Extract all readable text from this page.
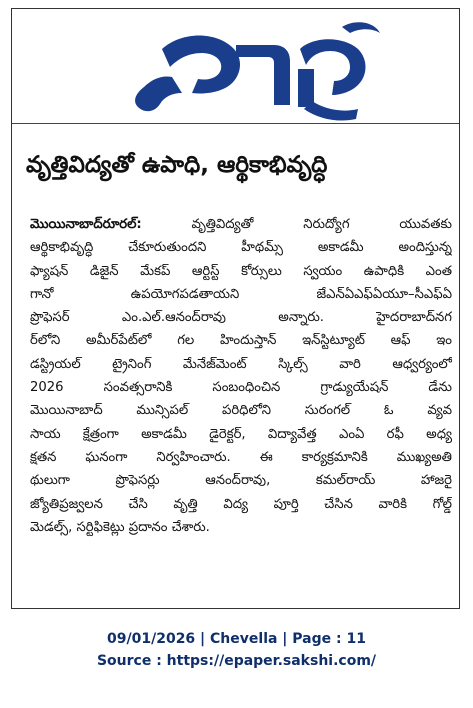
వృత్తివిద్యతో ఉపాధి, ఆర్థికాభివృద్ధి
మొయినాబాద్‌రూరల్‌:	వృత్తివిద్యతో నిరుద్యోగ యువతకు
ఆర్థికాభివృద్ధి చేకూరుతుందని హీథమ్స్‌ అకాడమీ అందిస్తున్న
ఫ్యాషన్‌ డిజైన్‌ మేకప్‌ ఆర్టిస్ట్‌ కోర్సులు స్వయం ఉపాధికి ఎంత
గానో ఉపయోగపడతాయని జేఎన్‌ఏఎఫ్‌ఏయూ–సీఎఫ్‌ఏ
ప్రొఫెసర్‌ ఎం.ఎల్‌.ఆనంద్‌రావు అన్నారు. హైదరాబాద్‌నగ
ర్‌లోని అమీర్‌పేట్‌లో గల హిందుస్తాన్‌ ఇన్‌స్టిట్యూట్‌ ఆఫ్‌ ఇం
డస్ట్రియల్‌ ట్రైనింగ్‌ మేనేజ్‌మెంట్‌ స్కిల్స్‌ వారి ఆధ్వర్యంలో
2026 సంవత్సరానికి సంబంధించిన గ్రాడ్యుయేషన్‌ డేను
మొయినాబాద్‌ మున్సిపల్‌ పరిధిలోని సురంగల్‌ ఓ వ్యవ
సాయ క్షేత్రంగా అకాడమీ డైరెక్టర్‌, విద్యావేత్త ఎంఏ రఫీ అధ్య
క్షతన ఘనంగా నిర్వహించారు. ఈ కార్యక్రమానికి ముఖ్యఅతి
థులుగా ప్రొఫెసర్లు ఆనంద్‌రావు, కమల్‌రాయ్‌ హాజరై
జ్యోతిప్రజ్వలన చేసి వృత్తి విద్య పూర్తి చేసిన వారికి గోల్డ్‌
మెడల్స్‌, సర్టిఫికెట్లు ప్రదానం చేశారు.
09/01/2026 | Chevella | Page : 11
Source : https://epaper.sakshi.com/
